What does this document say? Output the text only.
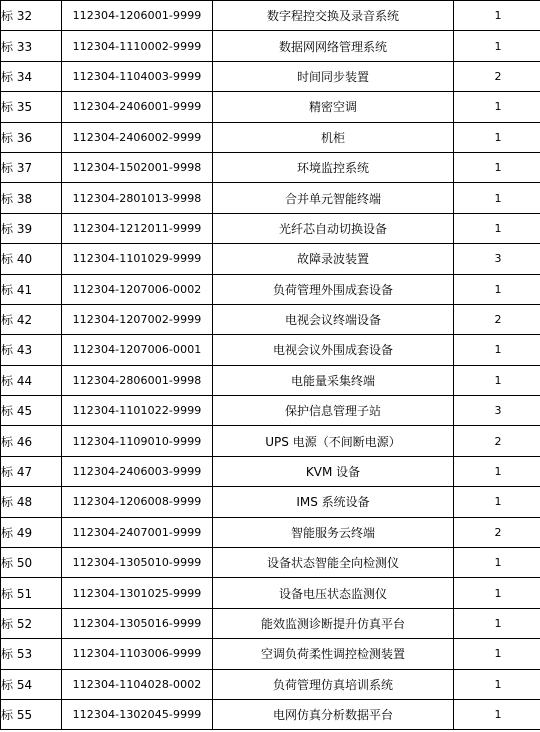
标 32	112304-1206001-9999	数字程控交换及录音系统	1
标 33	112304-1110002-9999	数据网网络管理系统	1
标 34	112304-1104003-9999	时间同步装置	2
标 35	112304-2406001-9999	精密空调	1
标 36	112304-2406002-9999	机柜	1
标 37	112304-1502001-9998	环境监控系统	1
标 38	112304-2801013-9998	合并单元智能终端	1
标 39	112304-1212011-9999	光纤芯自动切换设备	1
标 40	112304-1101029-9999	故障录波装置	3
标 41	112304-1207006-0002	负荷管理外围成套设备	1
标 42	112304-1207002-9999	电视会议终端设备	2
标 43	112304-1207006-0001	电视会议外围成套设备	1
标 44	112304-2806001-9998	电能量采集终端	1
标 45	112304-1101022-9999	保护信息管理子站	3
标 46	112304-1109010-9999	UPS 电源（不间断电源）	2
标 47	112304-2406003-9999	KVM 设备	1
标 48	112304-1206008-9999	IMS 系统设备	1
标 49	112304-2407001-9999	智能服务云终端	2
标 50	112304-1305010-9999	设备状态智能全向检测仪	1
标 51	112304-1301025-9999	设备电压状态监测仪	1
标 52	112304-1305016-9999	能效监测诊断提升仿真平台	1
标 53	112304-1103006-9999	空调负荷柔性调控检测装置	1
标 54	112304-1104028-0002	负荷管理仿真培训系统	1
标 55	112304-1302045-9999	电网仿真分析数据平台	1
